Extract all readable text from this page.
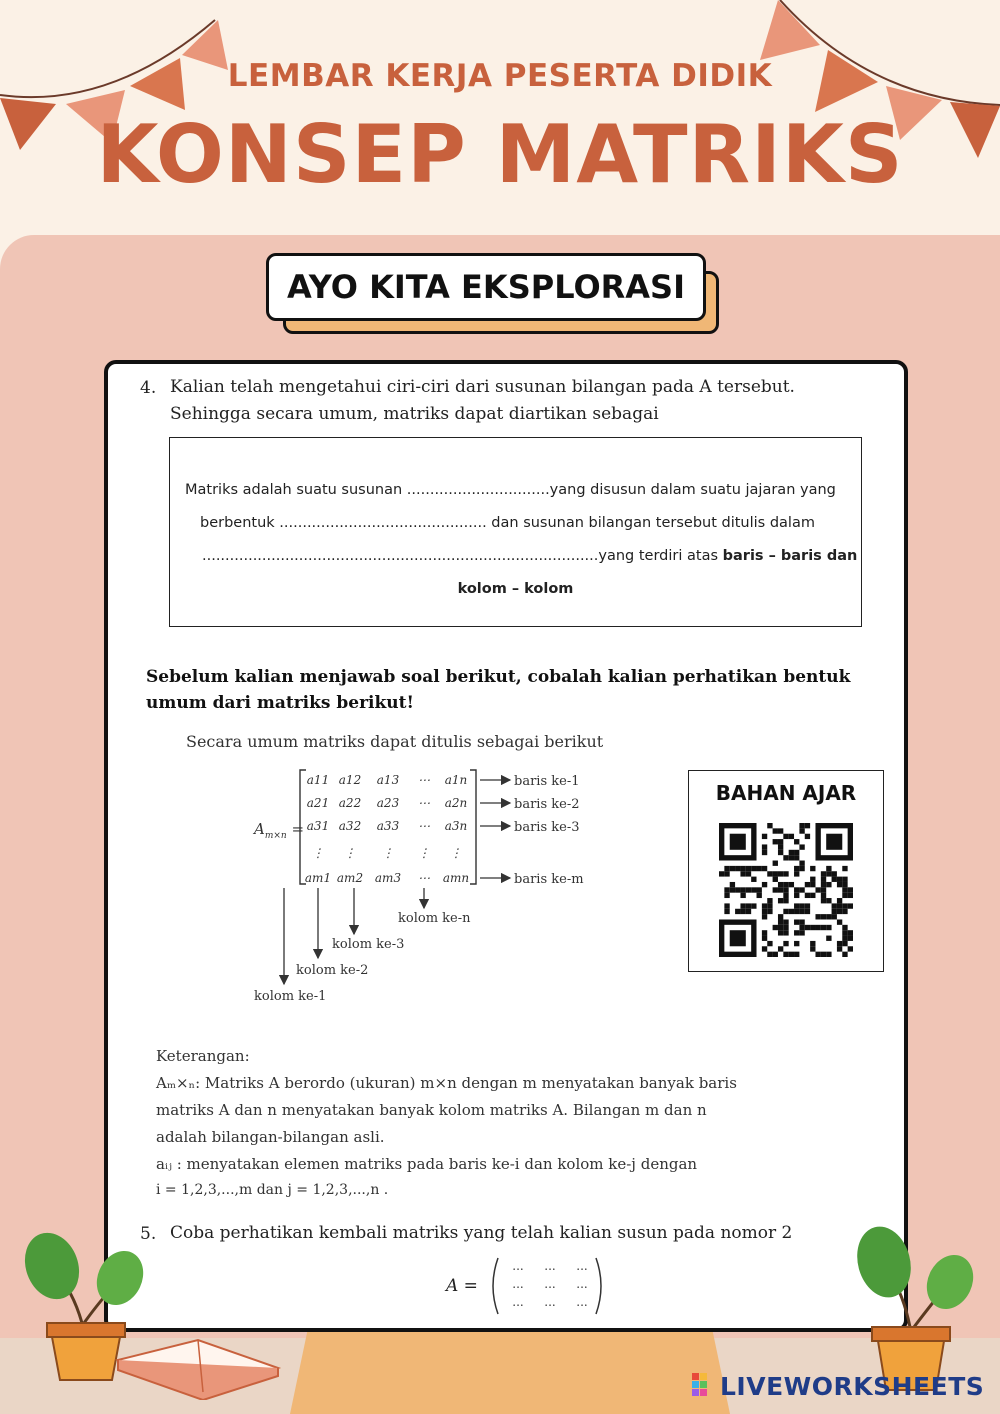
LEMBAR KERJA PESERTA DIDIK
KONSEP MATRIKS
AYO KITA EKSPLORASI
4. Kalian telah mengetahui ciri-ciri dari susunan bilangan pada A tersebut.
Sehingga secara umum, matriks dapat diartikan sebagai
Matriks adalah suatu susunan ...............................yang disusun dalam suatu jajaran yang
berbentuk ............................................. dan susunan bilangan tersebut ditulis dalam
......................................................................................yang terdiri atas baris – baris dan
kolom – kolom
Sebelum kalian menjawab soal berikut, cobalah kalian perhatikan bentuk umum dari matriks berikut!
Secara umum matriks dapat ditulis sebagai berikut
$A_{m\times n}$ =
a11 a12 a13 ⋯ a1n
a21 a22 a23 ⋯ a2n
a31 a32 a33 ⋯ a3n
⋮ ⋮ ⋮ ⋮ ⋮
am1 am2 am3 ⋯ amn
baris ke-1
baris ke-2
baris ke-3
baris ke-m
kolom ke-1
kolom ke-2
kolom ke-3
kolom ke-n
BAHAN AJAR
Keterangan:
Aₘ×ₙ: Matriks A berordo (ukuran) m×n dengan m menyatakan banyak baris
matriks A dan n menyatakan banyak kolom matriks A. Bilangan m dan n
adalah bilangan-bilangan asli.
aᵢⱼ : menyatakan elemen matriks pada baris ke-i dan kolom ke-j dengan
i = 1,2,3,...,m dan j = 1,2,3,...,n .
5. Coba perhatikan kembali matriks yang telah kalian susun pada nomor 2
A =
... ... ...
... ... ...
... ... ...
LIVEWORKSHEETS
